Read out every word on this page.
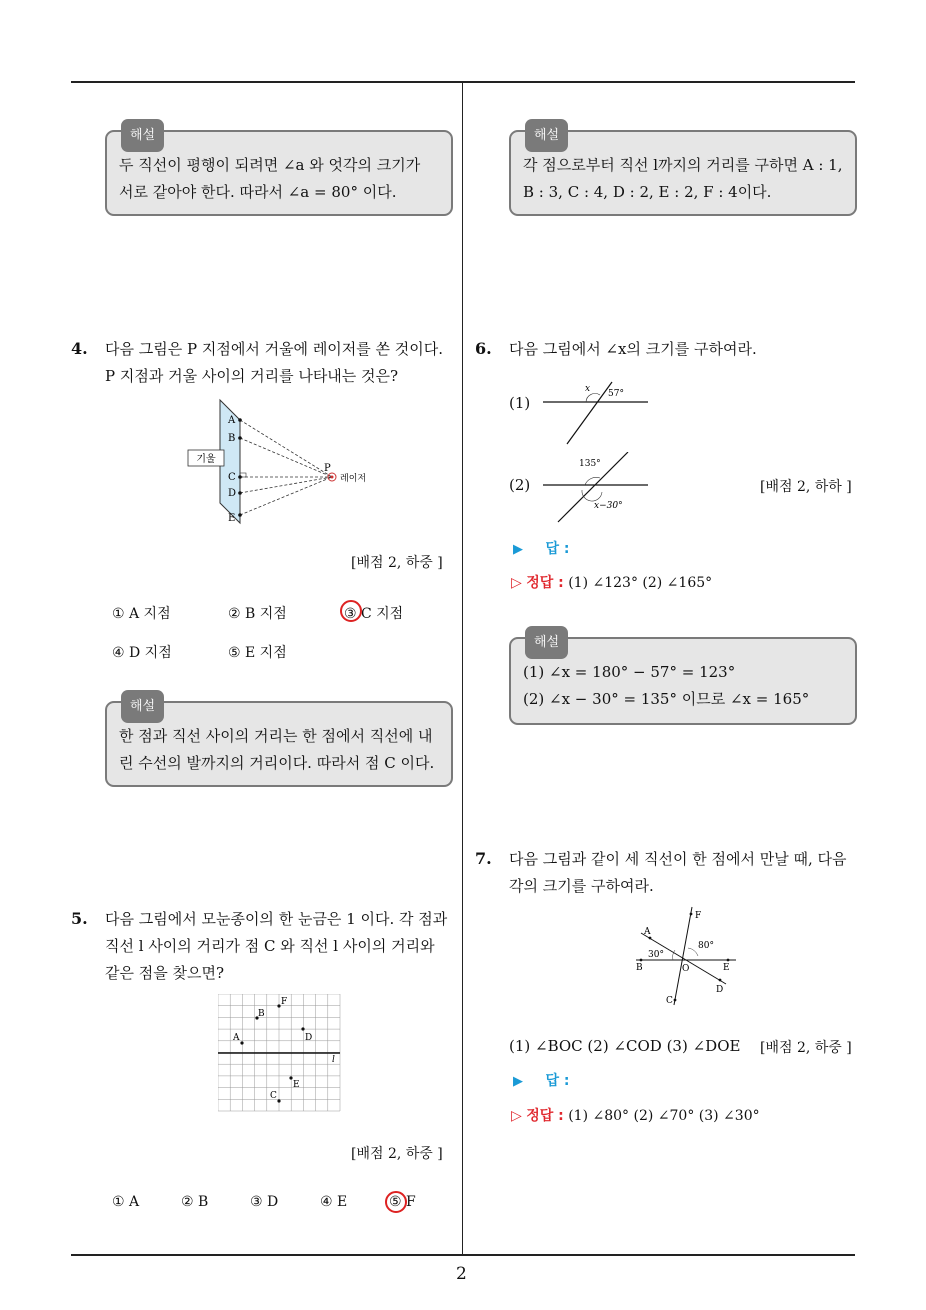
해설
두 직선이 평행이 되려면 ∠a 와 엇각의 크기가
서로 같아야 한다. 따라서 ∠a = 80° 이다.
4. 다음 그림은 P 지점에서 거울에 레이저를 쏜 것이다.
P 지점과 거울 사이의 거리를 나타내는 것은?
기울
A
B
C
D
E
P
레이저
[배점 2, 하중 ]
① A 지점	② B 지점	③ C 지점
④ D 지점	⑤ E 지점
해설
한 점과 직선 사이의 거리는 한 점에서 직선에 내
린 수선의 발까지의 거리이다. 따라서 점 C 이다.
5. 다음 그림에서 모눈종이의 한 눈금은 1 이다. 각 점과
직선 l 사이의 거리가 점 C 와 직선 l 사이의 거리와
같은 점을 찾으면?
A
B
F
D
E
C
l
[배점 2, 하중 ]
① A	② B	③ D	④ E	⑤ F
해설
각 점으로부터 직선 l까지의 거리를 구하면 A : 1,
B : 3, C : 4, D : 2, E : 2, F : 4이다.
6. 다음 그림에서 ∠x의 크기를 구하여라.
(1)
x 57°
(2)
135°
x−30°
[배점 2, 하하 ]
▶ 답 :
▷ 정답 : (1) ∠123° (2) ∠165°
해설
(1) ∠x = 180° − 57° = 123°
(2) ∠x − 30° = 135° 이므로 ∠x = 165°
7. 다음 그림과 같이 세 직선이 한 점에서 만날 때, 다음
각의 크기를 구하여라.
A
B
C
D
E
F
O
30°
80°
(1) ∠BOC (2) ∠COD (3) ∠DOE [배점 2, 하중 ]
▶ 답 :
▷ 정답 : (1) ∠80° (2) ∠70° (3) ∠30°
2
